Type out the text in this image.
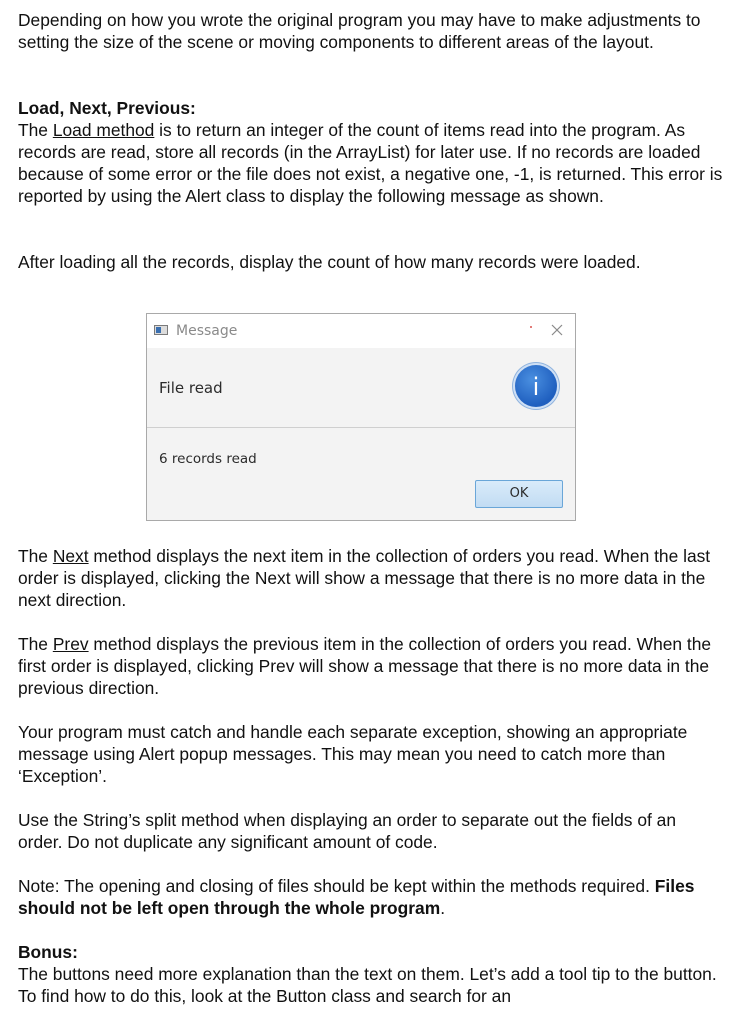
Depending on how you wrote the original program you may have to make adjustments to setting the size of the scene or moving components to different areas of the layout.

Load, Next, Previous:

The Load method is to return an integer of the count of items read into the program. As records are read, store all records (in the ArrayList) for later use. If no records are loaded because of some error or the file does not exist, a negative one, -1, is returned. This error is reported by using the Alert class to display the following message as shown.

After loading all the records, display the count of how many records were loaded.

Message
File read	i
6 records read
OK

The Next method displays the next item in the collection of orders you read. When the last order is displayed, clicking the Next will show a message that there is no more data in the next direction.

The Prev method displays the previous item in the collection of orders you read. When the first order is displayed, clicking Prev will show a message that there is no more data in the previous direction.

Your program must catch and handle each separate exception, showing an appropriate message using Alert popup messages. This may mean you need to catch more than ‘Exception’.

Use the String’s split method when displaying an order to separate out the fields of an order. Do not duplicate any significant amount of code.

Note: The opening and closing of files should be kept within the methods required. Files should not be left open through the whole program.

Bonus:

The buttons need more explanation than the text on them. Let’s add a tool tip to the button. To find how to do this, look at the Button class and search for an
